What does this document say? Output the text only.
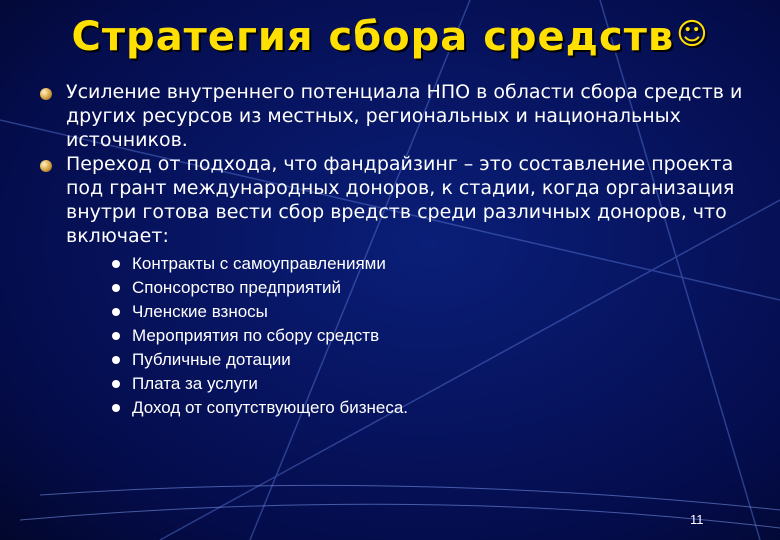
Стратегия сбора средств☺
Усиление внутреннего потенциала НПО в области сбора средств и других ресурсов из местных, региональных и национальных источников.
Переход от подхода, что фандрайзинг – это составление проекта под грант международных доноров, к стадии, когда организация внутри готова вести сбор вредств среди различных доноров, что включает:
Контракты с самоуправлениями
Спонсорство предприятий
Членские взносы
Мероприятия по сбору средств
Публичные дотации
Плата за услуги
Доход от сопутствующего бизнеса.
11
